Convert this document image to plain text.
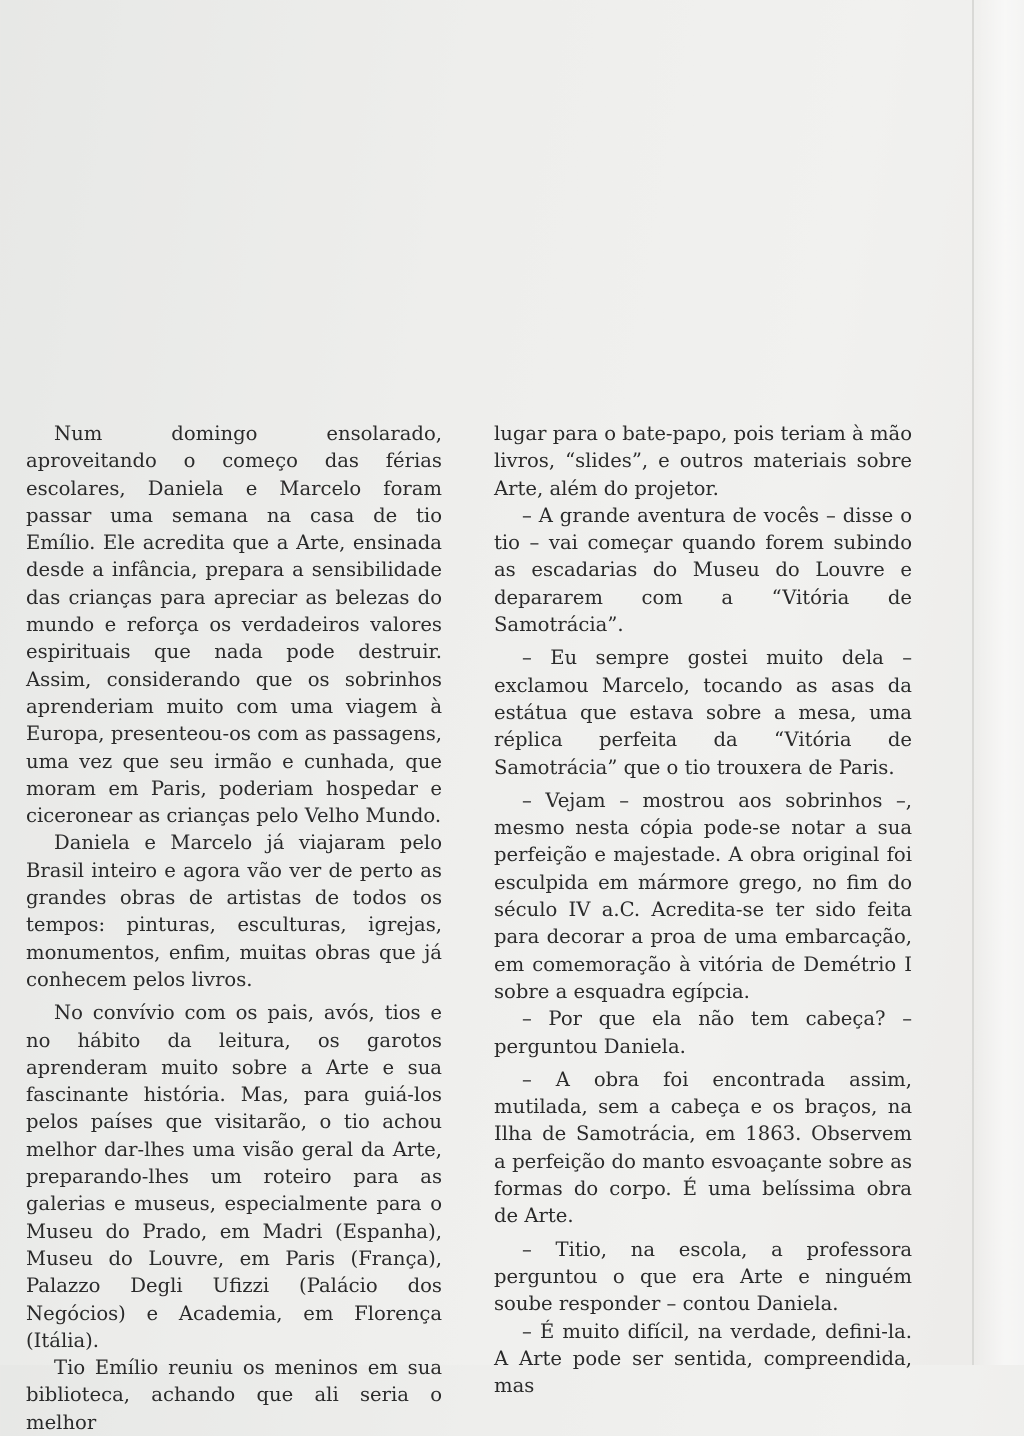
Num domingo ensolarado, aproveitando o começo das férias escolares, Daniela e Marcelo foram passar uma semana na casa de tio Emílio. Ele acredita que a Arte, ensinada desde a infância, prepara a sensibilidade das crianças para apreciar as belezas do mundo e reforça os verdadeiros valores espirituais que nada pode destruir. Assim, considerando que os sobrinhos aprenderiam muito com uma viagem à Europa, presenteou-os com as passagens, uma vez que seu irmão e cunhada, que moram em Paris, poderiam hospedar e ciceronear as crianças pelo Velho Mundo.

Daniela e Marcelo já viajaram pelo Brasil inteiro e agora vão ver de perto as grandes obras de artistas de todos os tempos: pinturas, esculturas, igrejas, monumentos, enfim, muitas obras que já conhecem pelos livros.

No convívio com os pais, avós, tios e no hábito da leitura, os garotos aprenderam muito sobre a Arte e sua fascinante história. Mas, para guiá-los pelos países que visitarão, o tio achou melhor dar-lhes uma visão geral da Arte, preparando-lhes um roteiro para as galerias e museus, especialmente para o Museu do Prado, em Madri (Espanha), Museu do Louvre, em Paris (França), Palazzo Degli Ufizzi (Palácio dos Negócios) e Academia, em Florença (Itália).

Tio Emílio reuniu os meninos em sua biblioteca, achando que ali seria o melhor

lugar para o bate-papo, pois teriam à mão livros, “slides”, e outros materiais sobre Arte, além do projetor.

– A grande aventura de vocês – disse o tio – vai começar quando forem subindo as escadarias do Museu do Louvre e depararem com a “Vitória de Samotrácia”.

– Eu sempre gostei muito dela – exclamou Marcelo, tocando as asas da estátua que estava sobre a mesa, uma réplica perfeita da “Vitória de Samotrácia” que o tio trouxera de Paris.

– Vejam – mostrou aos sobrinhos –, mesmo nesta cópia pode-se notar a sua perfeição e majestade. A obra original foi esculpida em mármore grego, no fim do século IV a.C. Acredita-se ter sido feita para decorar a proa de uma embarcação, em comemoração à vitória de Demétrio I sobre a esquadra egípcia.

– Por que ela não tem cabeça? – perguntou Daniela.

– A obra foi encontrada assim, mutilada, sem a cabeça e os braços, na Ilha de Samotrácia, em 1863. Observem a perfeição do manto esvoaçante sobre as formas do corpo. É uma belíssima obra de Arte.

– Titio, na escola, a professora perguntou o que era Arte e ninguém soube responder – contou Daniela.

– É muito difícil, na verdade, defini-la. A Arte pode ser sentida, compreendida, mas
